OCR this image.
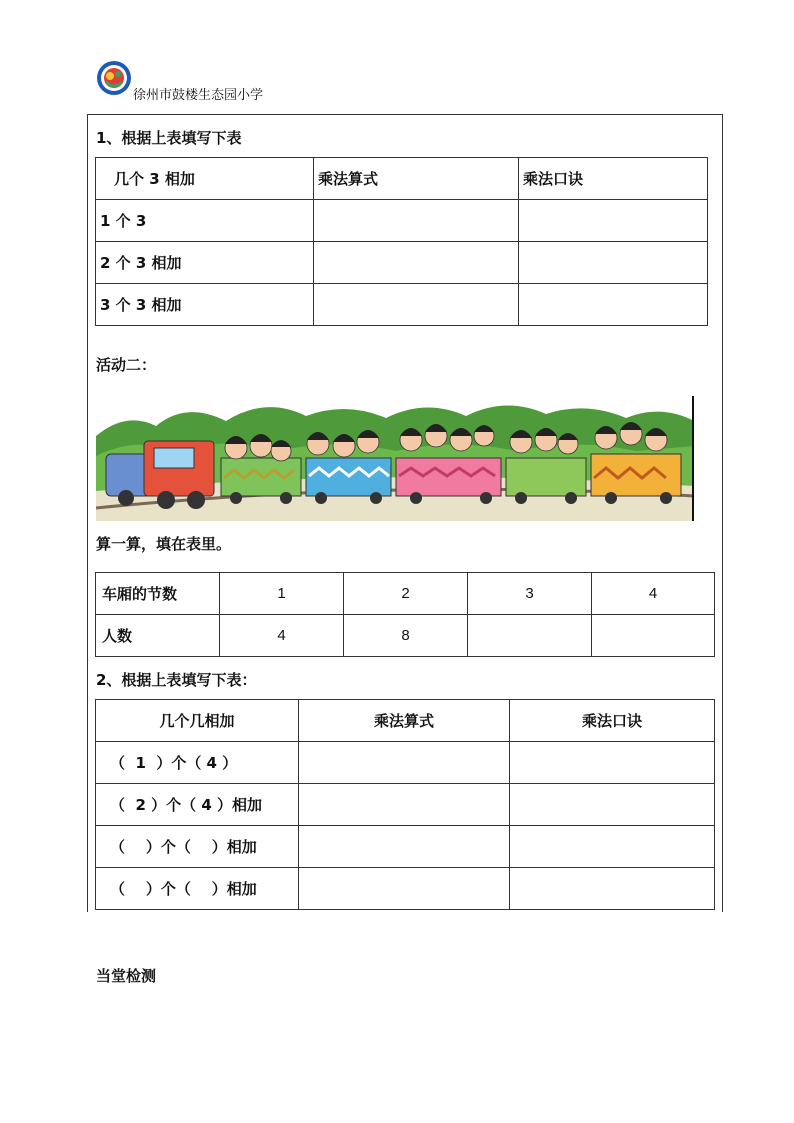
徐州市鼓楼生态园小学
1、根据上表填写下表
几个 3 相加	乘法算式	乘法口诀
1 个 3		
2 个 3 相加		
3 个 3 相加		
活动二：
算一算，填在表里。
车厢的节数	1	2	3	4
人数	4	8		
2、根据上表填写下表：
几个几相加	乘法算式	乘法口诀
（  1  ）个（ 4 ）		
（  2 ）个（ 4 ）相加		
（    ）个（    ）相加		
（    ）个（    ）相加		
当堂检测
